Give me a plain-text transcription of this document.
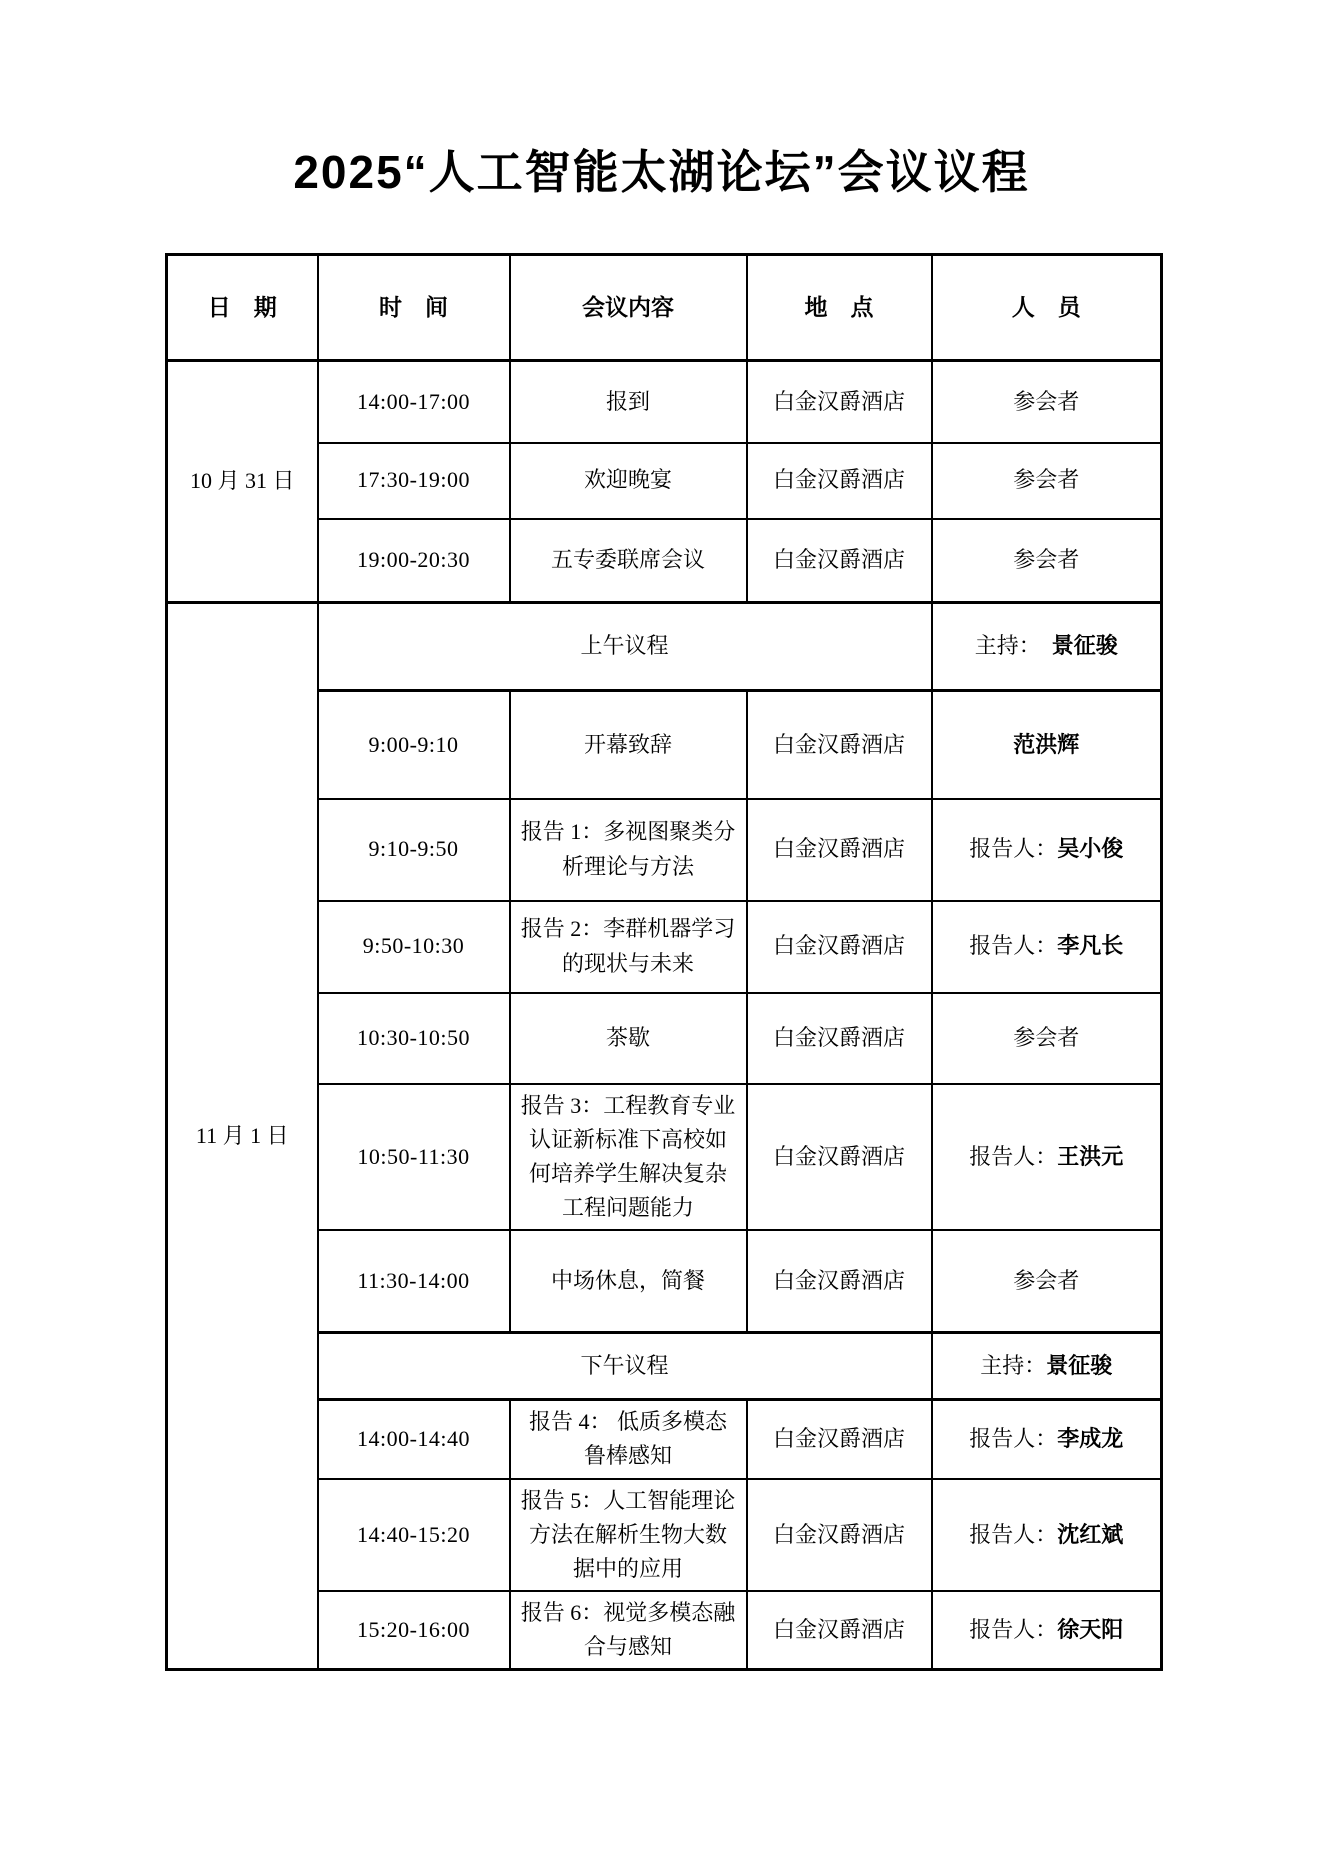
2025“人工智能太湖论坛”会议议程
日　期	时　间	会议内容	地　点	人　员
10 月 31 日	14:00-17:00	报到	白金汉爵酒店	参会者
	17:30-19:00	欢迎晚宴	白金汉爵酒店	参会者
	19:00-20:30	五专委联席会议	白金汉爵酒店	参会者
11 月 1 日	上午议程			主持：　景征骏
	9:00-9:10	开幕致辞	白金汉爵酒店	范洪辉
	9:10-9:50	报告 1：多视图聚类分析理论与方法	白金汉爵酒店	报告人：吴小俊
	9:50-10:30	报告 2：李群机器学习的现状与未来	白金汉爵酒店	报告人：李凡长
	10:30-10:50	茶歇	白金汉爵酒店	参会者
	10:50-11:30	报告 3：工程教育专业认证新标准下高校如何培养学生解决复杂工程问题能力	白金汉爵酒店	报告人：王洪元
	11:30-14:00	中场休息，简餐	白金汉爵酒店	参会者
	下午议程			主持：景征骏
	14:00-14:40	报告 4： 低质多模态鲁棒感知	白金汉爵酒店	报告人：李成龙
	14:40-15:20	报告 5：人工智能理论方法在解析生物大数据中的应用	白金汉爵酒店	报告人：沈红斌
	15:20-16:00	报告 6：视觉多模态融合与感知	白金汉爵酒店	报告人：徐天阳
